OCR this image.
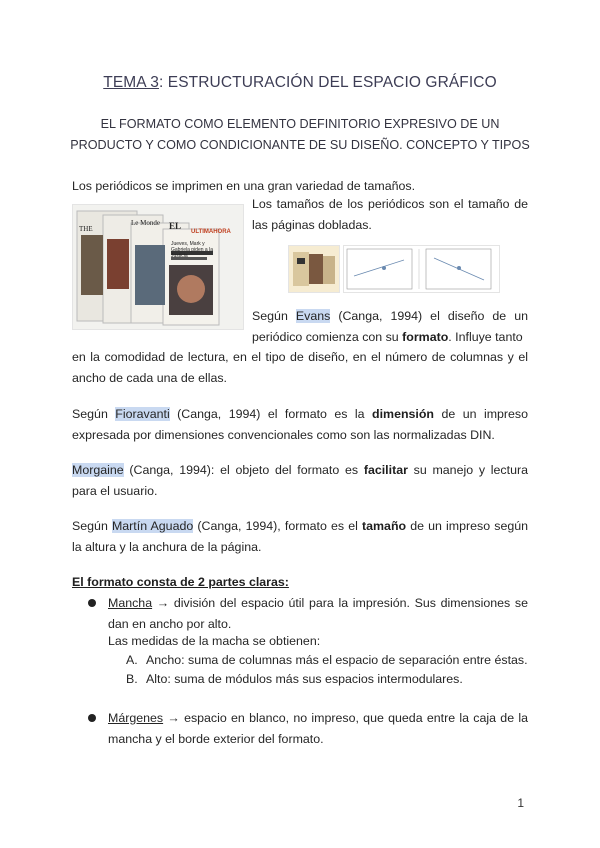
TEMA 3: ESTRUCTURACIÓN DEL ESPACIO GRÁFICO
EL FORMATO COMO ELEMENTO DEFINITORIO EXPRESIVO DE UN PRODUCTO Y COMO CONDICIONANTE DE SU DISEÑO. CONCEPTO Y TIPOS
Los periódicos se imprimen en una gran variedad de tamaños.
THE
Le Monde EL
ULTIMAHORA
Jueves, Mark y Gabriela piden a la Justicia
Los tamaños de los periódicos son el tamaño de las páginas dobladas.
Según Evans (Canga, 1994) el diseño de un periódico comienza con su formato. Influye tanto
en la comodidad de lectura, en el tipo de diseño, en el número de columnas y el ancho de cada una de ellas.
Según Fioravanti (Canga, 1994) el formato es la dimensión de un impreso expresada por dimensiones convencionales como son las normalizadas DIN.
Morgaine (Canga, 1994): el objeto del formato es facilitar su manejo y lectura para el usuario.
Según Martín Aguado (Canga, 1994), formato es el tamaño de un impreso según la altura y la anchura de la página.
El formato consta de 2 partes claras:
Mancha → división del espacio útil para la impresión. Sus dimensiones se dan en ancho por alto.
Las medidas de la macha se obtienen:
A. Ancho: suma de columnas más el espacio de separación entre éstas.
B. Alto: suma de módulos más sus espacios intermodulares.
Márgenes → espacio en blanco, no impreso, que queda entre la caja de la mancha y el borde exterior del formato.
1
